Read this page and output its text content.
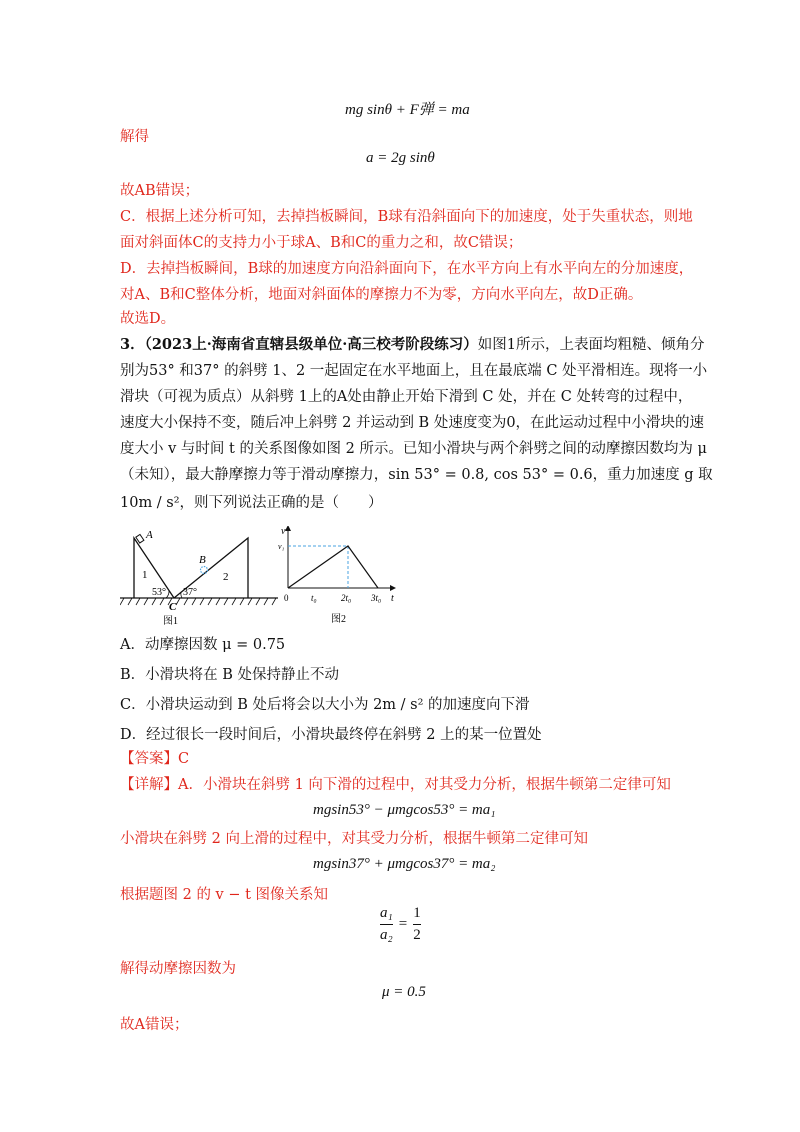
mg sinθ + F弹 = ma
解得
a = 2g sinθ
故AB错误；
C．根据上述分析可知，去掉挡板瞬间，B球有沿斜面向下的加速度，处于失重状态，则地
面对斜面体C的支持力小于球A、B和C的重力之和，故C错误；
D．去掉挡板瞬间，B球的加速度方向沿斜面向下，在水平方向上有水平向左的分加速度，
对A、B和C整体分析，地面对斜面体的摩擦力不为零，方向水平向左，故D正确。
故选D。
3．（2023上·海南省直辖县级单位·高三校考阶段练习）如图1所示，上表面均粗糙、倾角分
别为53° 和37° 的斜劈 1、2 一起固定在水平地面上，且在最底端 C 处平滑相连。现将一小
滑块（可视为质点）从斜劈 1上的A处由静止开始下滑到 C 处，并在 C 处转弯的过程中，
速度大小保持不变，随后冲上斜劈 2 并运动到 B 处速度变为0，在此运动过程中小滑块的速
度大小 v 与时间 t 的关系图像如图 2 所示。已知小滑块与两个斜劈之间的动摩擦因数均为 μ
（未知），最大静摩擦力等于滑动摩擦力，sin 53° = 0.8, cos 53° = 0.6，重力加速度 g 取
10m / s²，则下列说法正确的是（　　）
A
B
C
1	2
53° 37°
图1
v
t
v₁
0	t₀	2t₀ 3t₀
图2
A．动摩擦因数 μ = 0.75
B．小滑块将在 B 处保持静止不动
C．小滑块运动到 B 处后将会以大小为 2m / s² 的加速度向下滑
D．经过很长一段时间后，小滑块最终停在斜劈 2 上的某一位置处
【答案】C
【详解】A．小滑块在斜劈 1 向下滑的过程中，对其受力分析，根据牛顿第二定律可知
mgsin53° − μmgcos53° = ma₁
小滑块在斜劈 2 向上滑的过程中，对其受力分析，根据牛顿第二定律可知
mgsin37° + μmgcos37° = ma₂
根据题图 2 的 v − t 图像关系知
$\frac{\text{a₁}}{\text{a₂}} = \frac{1}{2}$
解得动摩擦因数为
μ = 0.5
故A错误；
